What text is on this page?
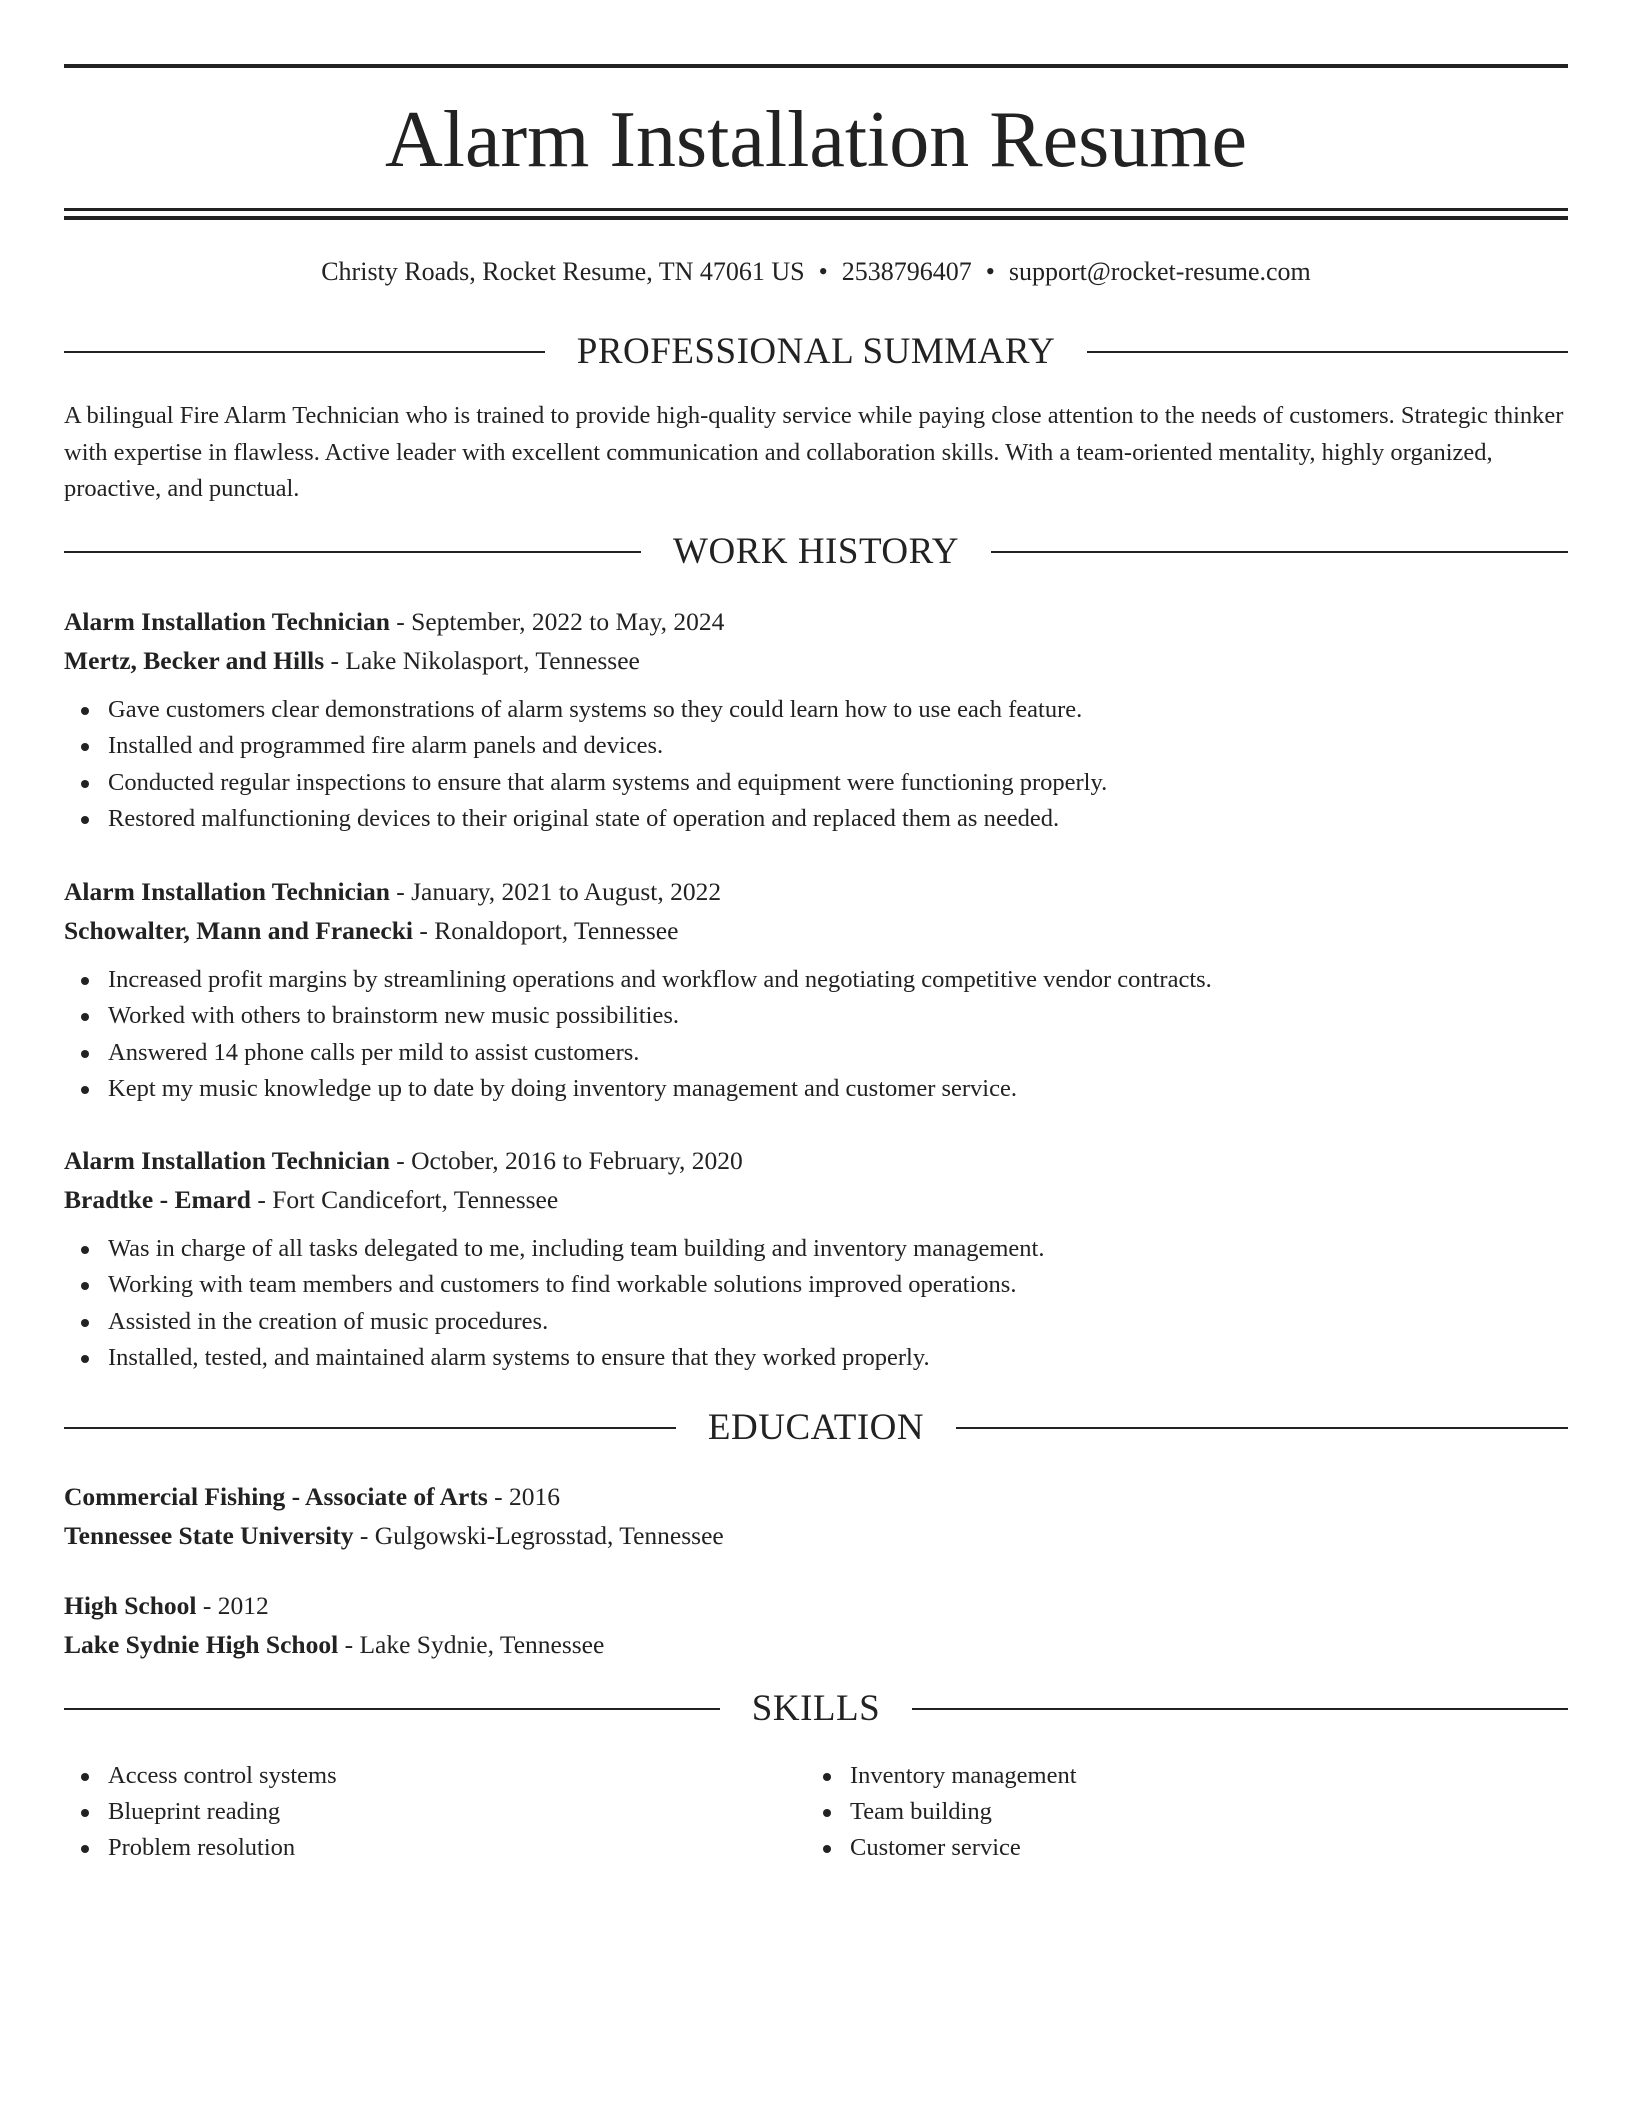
Alarm Installation Resume
Christy Roads, Rocket Resume, TN 47061 US • 2538796407 • support@rocket-resume.com
PROFESSIONAL SUMMARY

A bilingual Fire Alarm Technician who is trained to provide high-quality service while paying close attention to the needs of customers. Strategic thinker with expertise in flawless. Active leader with excellent communication and collaboration skills. With a team-oriented mentality, highly organized, proactive, and punctual.

WORK HISTORY
Alarm Installation Technician - September, 2022 to May, 2024
Mertz, Becker and Hills - Lake Nikolasport, Tennessee
Gave customers clear demonstrations of alarm systems so they could learn how to use each feature.
Installed and programmed fire alarm panels and devices.
Conducted regular inspections to ensure that alarm systems and equipment were functioning properly.
Restored malfunctioning devices to their original state of operation and replaced them as needed.
Alarm Installation Technician - January, 2021 to August, 2022
Schowalter, Mann and Franecki - Ronaldoport, Tennessee
Increased profit margins by streamlining operations and workflow and negotiating competitive vendor contracts.
Worked with others to brainstorm new music possibilities.
Answered 14 phone calls per mild to assist customers.
Kept my music knowledge up to date by doing inventory management and customer service.
Alarm Installation Technician - October, 2016 to February, 2020
Bradtke - Emard - Fort Candicefort, Tennessee
Was in charge of all tasks delegated to me, including team building and inventory management.
Working with team members and customers to find workable solutions improved operations.
Assisted in the creation of music procedures.
Installed, tested, and maintained alarm systems to ensure that they worked properly.
EDUCATION
Commercial Fishing - Associate of Arts - 2016
Tennessee State University - Gulgowski-Legrosstad, Tennessee
High School - 2012
Lake Sydnie High School - Lake Sydnie, Tennessee
SKILLS
Access control systems
Blueprint reading
Problem resolution
Inventory management
Team building
Customer service
